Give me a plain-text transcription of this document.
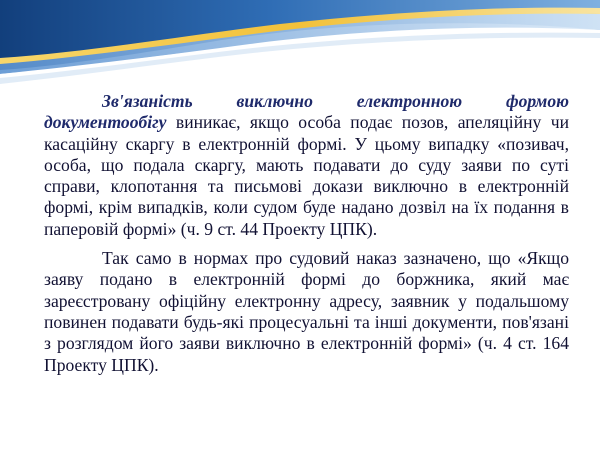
Зв'язаність виключно електронною формою документообігу виникає, якщо особа подає позов, апеляційну чи касаційну скаргу в електронній формі. У цьому випадку «позивач, особа, що подала скаргу, мають подавати до суду заяви по суті справи, клопотання та письмові докази виключно в електронній формі, крім випадків, коли судом буде надано дозвіл на їх подання в паперовій формі» (ч. 9 ст. 44 Проекту ЦПК).

Так само в нормах про судовий наказ зазначено, що «Якщо заяву подано в електронній формі до боржника, який має зареєстровану офіційну електронну адресу, заявник у подальшому повинен подавати будь-які процесуальні та інші документи, пов'язані з розглядом його заяви виключно в електронній формі» (ч. 4 ст. 164 Проекту ЦПК).
